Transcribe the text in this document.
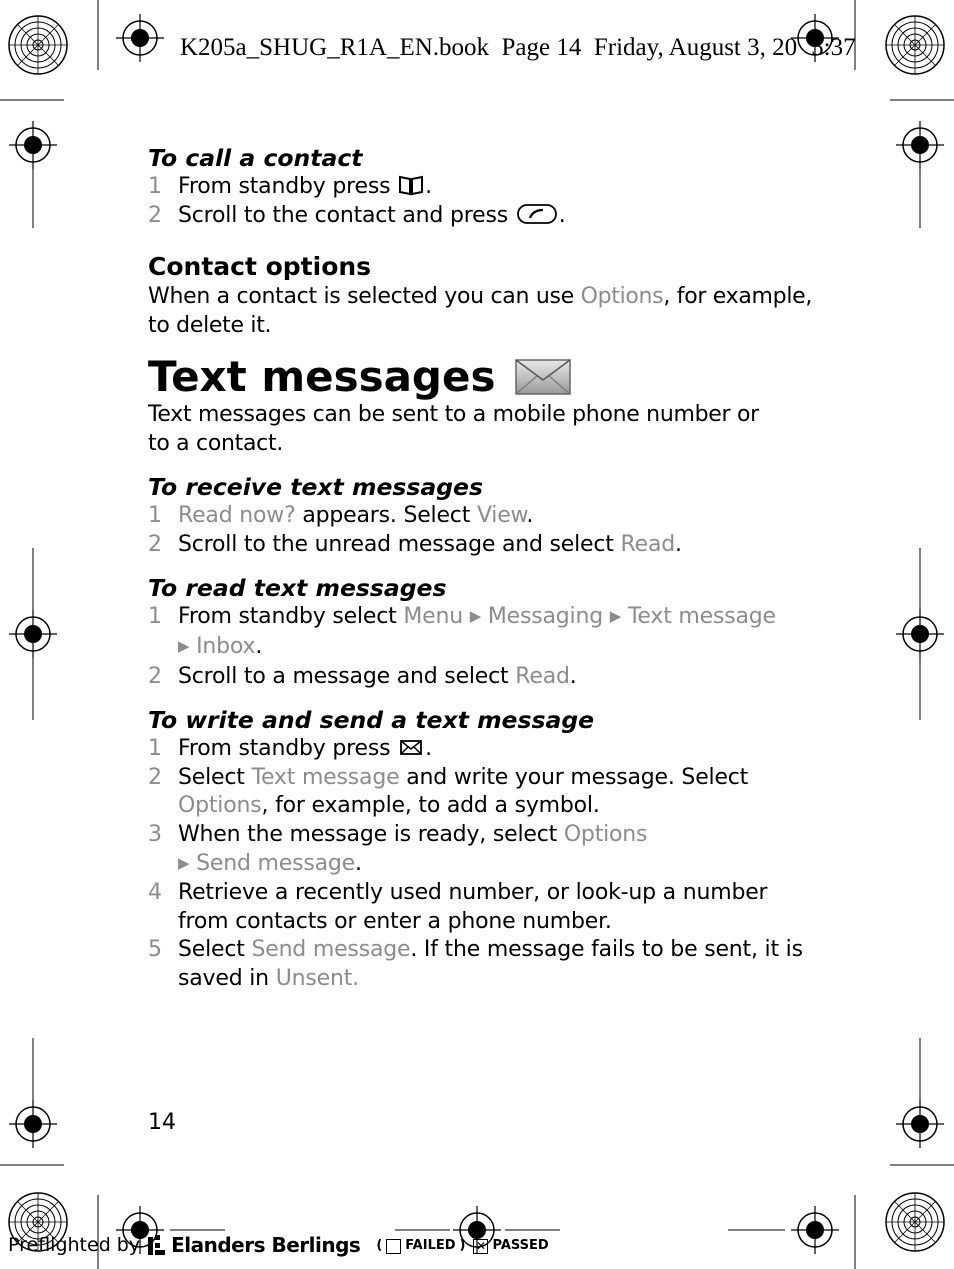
K205a_SHUG_R1A_EN.book  Page 14  Friday, August 3, 20 5:37
To call a contact
1 From standby press .
2 Scroll to the contact and press .
Contact options
When a contact is selected you can use Options, for example, to delete it.
Text messages
Text messages can be sent to a mobile phone number or to a contact.
To receive text messages
1 Read now? appears. Select View.
2 Scroll to the unread message and select Read.
To read text messages
1 From standby select Menu ▶ Messaging ▶ Text message
▶ Inbox.
2 Scroll to a message and select Read.
To write and send a text message
1 From standby press .
2 Select Text message and write your message. Select Options, for example, to add a symbol.
3 When the message is ready, select Options
▶ Send message.
4 Retrieve a recently used number, or look-up a number from contacts or enter a phone number.
5 Select Send message. If the message fails to be sent, it is saved in Unsent.
14
Preflighted by Elanders Berlings ( FAILED ) ✕ PASSED
